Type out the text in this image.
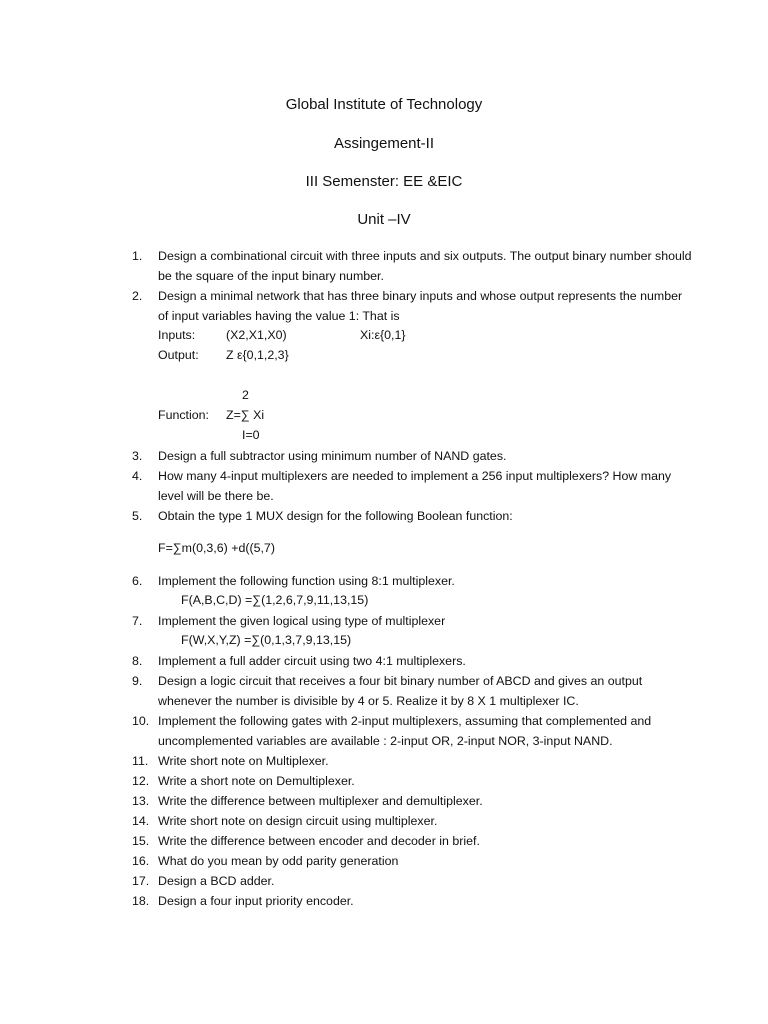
Global Institute of Technology
Assingement-II
III Semenster: EE &EIC
Unit –IV
1.	Design a combinational circuit with three inputs and six outputs. The output binary number should be the square of the input binary number.
2.	Design a minimal network that has three binary inputs and whose output represents the number of input variables having the value 1: That is
Inputs: (X2,X1,X0)	Xi:ε{0,1}
Output: Z ε{0,1,2,3}
2
Function: Z=∑ Xi
I=0
3.	Design a full subtractor using minimum number of NAND gates.
4.	How many 4-input multiplexers are needed to implement a 256 input multiplexers? How many level will be there be.
5.	Obtain the type 1 MUX design for the following Boolean function:
F=∑m(0,3,6) +d((5,7)
6.	Implement the following function using 8:1 multiplexer.
F(A,B,C,D) =∑(1,2,6,7,9,11,13,15)
7.	Implement the given logical using type of multiplexer
F(W,X,Y,Z) =∑(0,1,3,7,9,13,15)
8.	Implement a full adder circuit using two 4:1 multiplexers.
9.	Design a logic circuit that receives a four bit binary number of ABCD and gives an output whenever the number is divisible by 4 or 5. Realize it by 8 X 1 multiplexer IC.
10. Implement the following gates with 2-input multiplexers, assuming that complemented and uncomplemented variables are available : 2-input OR, 2-input NOR, 3-input NAND.
11. Write short note on Multiplexer.
12. Write a short note on Demultiplexer.
13. Write the difference between multiplexer and demultiplexer.
14. Write short note on design circuit using multiplexer.
15. Write the difference between encoder and decoder in brief.
16. What do you mean by odd parity generation
17. Design a BCD adder.
18. Design a four input priority encoder.
